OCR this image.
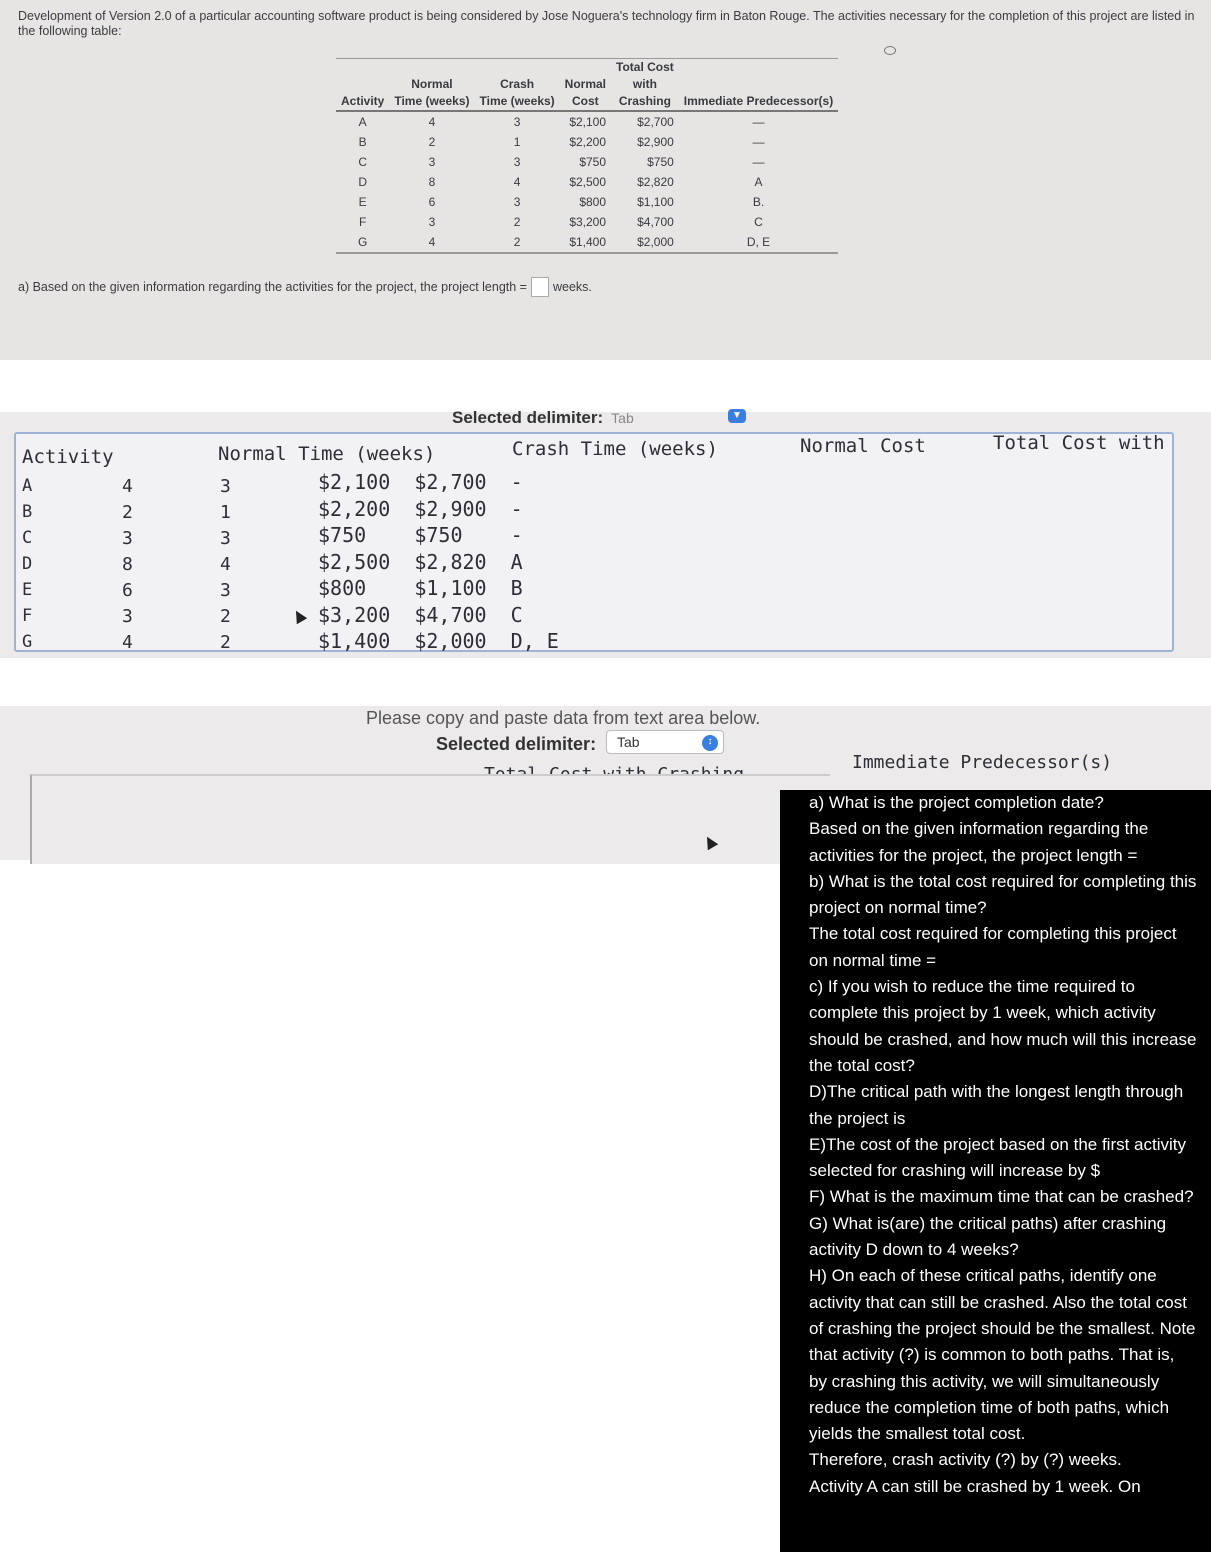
Development of Version 2.0 of a particular accounting software product is being considered by Jose Noguera's technology firm in Baton Rouge. The activities necessary for the completion of this project are listed in the following table:
				Total Cost	
	Normal	Crash	Normal	with	
Activity	Time (weeks)	Time (weeks)	Cost	Crashing	Immediate Predecessor(s)
A	4	3	$2,100	$2,700	—
B	2	1	$2,200	$2,900	—
C	3	3	$750	$750	—
D	8	4	$2,500	$2,820	A
E	6	3	$800	$1,100	B.
F	3	2	$3,200	$4,700	C
G	4	2	$1,400	$2,000	D, E
a) Based on the given information regarding the activities for the project, the project length = weeks.
Selected delimiter: Tab	▼
Activity	Normal Time (weeks)	Crash Time (weeks)	Normal Cost	Total Cost with
A	4	3	$2,100  $2,700  -
B	2	1	$2,200  $2,900  -
C	3	3	$750    $750    -
D	8	4	$2,500  $2,820  A
E	6	3	$800    $1,100  B
F	3	2	$3,200  $4,700  C
G	4	2	$1,400  $2,000  D, E
Please copy and paste data from text area below.
Selected delimiter:	Tab	↕
Immediate Predecessor(s)

a) What is the project completion date?

Based on the given information regarding the activities for the project, the project length =

b) What is the total cost required for completing this project on normal time?

The total cost required for completing this project on normal time =

c) If you wish to reduce the time required to complete this project by 1 week, which activity should be crashed, and how much will this increase the total cost?

D)The critical path with the longest length through the project is

E)The cost of the project based on the first activity selected for crashing will increase by $

F) What is the maximum time that can be crashed?

G) What is(are) the critical paths) after crashing activity D down to 4 weeks?

H) On each of these critical paths, identify one activity that can still be crashed. Also the total cost of crashing the project should be the smallest. Note that activity (?) is common to both paths. That is, by crashing this activity, we will simultaneously reduce the completion time of both paths, which yields the smallest total cost.

Therefore, crash activity (?) by (?) weeks.

Activity A can still be crashed by 1 week. On
